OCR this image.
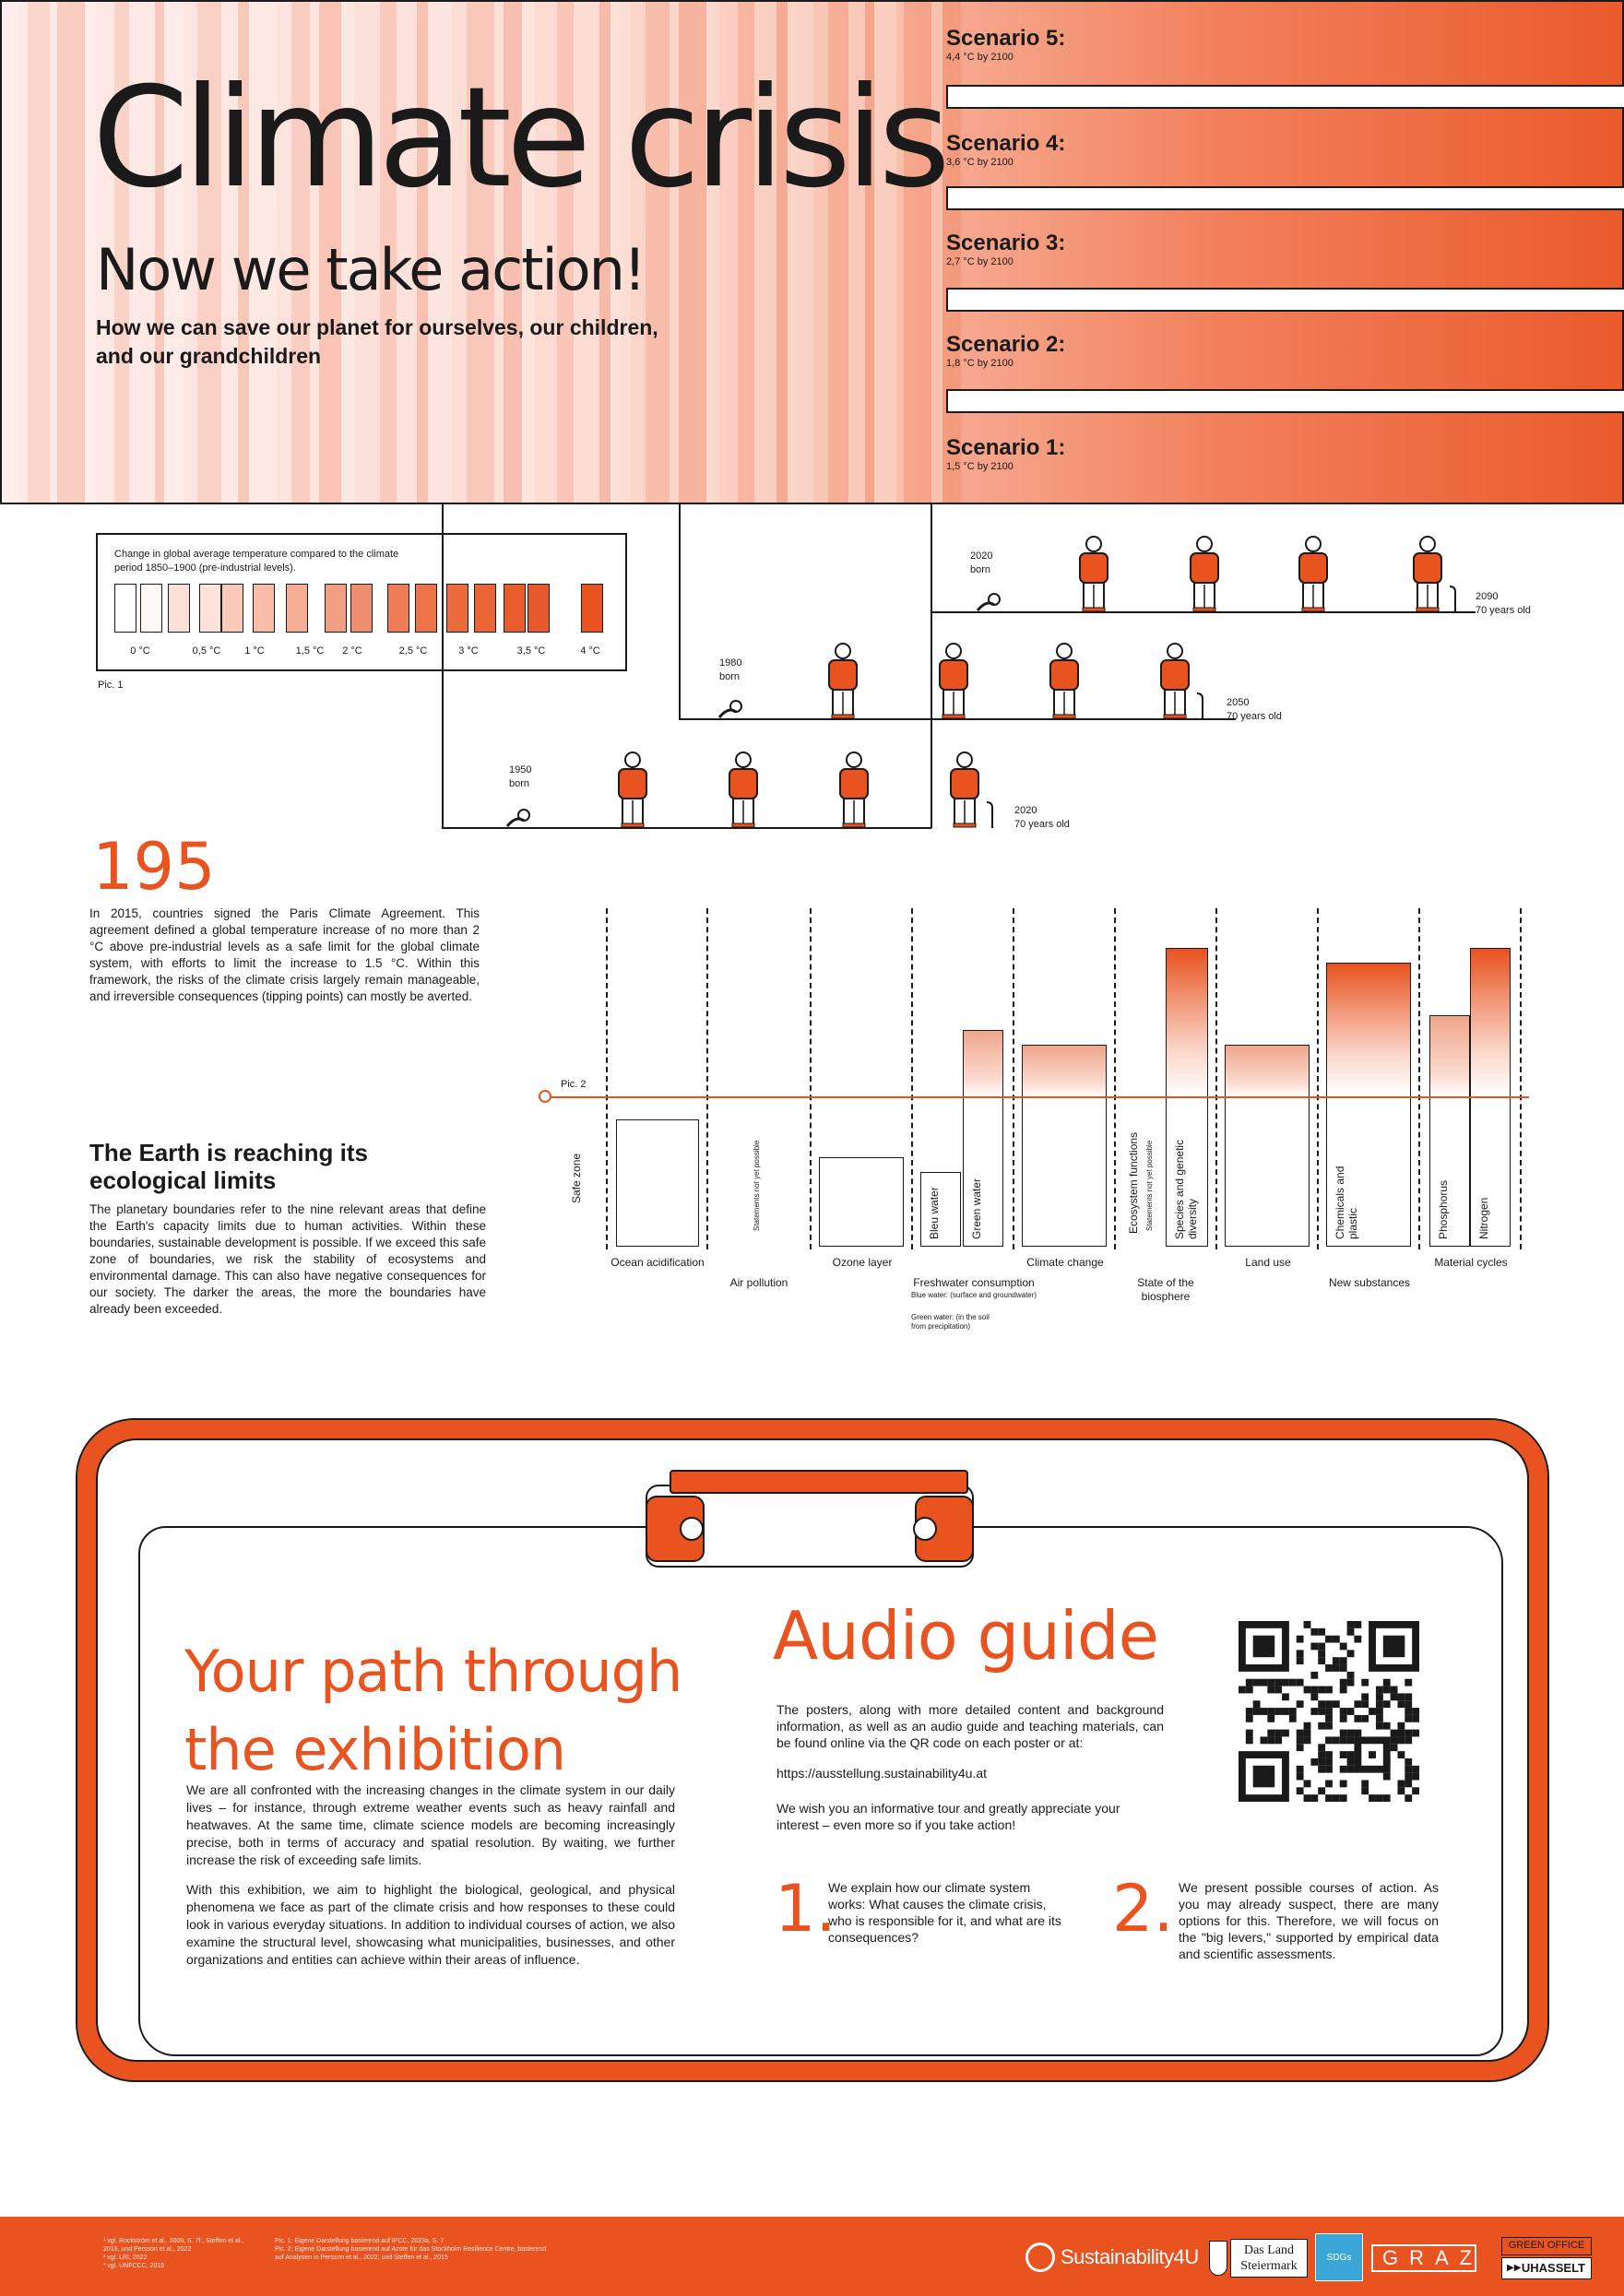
Climate crisis
Now we take action!
How we can save our planet for ourselves, our children, and our grandchildren
Scenario 5:
4,4 °C by 2100
Scenario 4:
3,6 °C by 2100
Scenario 3:
2,7 °C by 2100
Scenario 2:
1,8 °C by 2100
Scenario 1:
1,5 °C by 2100
Change in global average temperature compared to the climate period 1850–1900 (pre-industrial levels).
0 °C	0,5 °C	1 °C	1,5 °C	2 °C	2,5 °C	3 °C	3,5 °C	4 °C
Pic. 1
2020
born
1980
born
1950
born
2090
70 years old
2050
70 years old
2020
70 years old
195
In 2015, countries signed the Paris Climate Agreement. This agreement defined a global temperature increase of no more than 2 °C above pre-industrial levels as a safe limit for the global climate system, with efforts to limit the increase to 1.5 °C. Within this framework, the risks of the climate crisis largely remain manageable, and irreversible consequences (tipping points) can mostly be averted.
The Earth is reaching its ecological limits
The planetary boundaries refer to the nine relevant areas that define the Earth's capacity limits due to human activities. Within these boundaries, sustainable development is possible. If we exceed this safe zone of boundaries, we risk the stability of ecosystems and environmental damage. This can also have negative consequences for our society. The darker the areas, the more the boundaries have already been exceeded.
Bleu water	Green water	Ecosystem functions	Species and genetic diversity	Chemicals and plastic	Phosphorus	Nitrogen
Pic. 2
Safe zone	Statements not yet possible	Statements not yet possible
Ocean acidification
Air pollution
Ozone layer
Freshwater consumption
Climate change
State of the biosphere
Land use
New substances
Material cycles
Blue water: (surface and groundwater)
Green water: (in the soil from precipitation)
Your path through the exhibition
We are all confronted with the increasing changes in the climate system in our daily lives – for instance, through extreme weather events such as heavy rainfall and heatwaves. At the same time, climate science models are becoming increasingly precise, both in terms of accuracy and spatial resolution. By waiting, we further increase the risk of exceeding safe limits.
With this exhibition, we aim to highlight the biological, geological, and physical phenomena we face as part of the climate crisis and how responses to these could look in various everyday situations. In addition to individual courses of action, we also examine the structural level, showcasing what municipalities, businesses, and other organizations and entities can achieve within their areas of influence.
Audio guide
The posters, along with more detailed content and background information, as well as an audio guide and teaching materials, can be found online via the QR code on each poster or at:
https://ausstellung.sustainability4u.at
We wish you an informative tour and greatly appreciate your interest – even more so if you take action!
1.
We explain how our climate system works: What causes the climate crisis, who is responsible for it, and what are its consequences?	2. We present possible courses of action. As you may already suspect, there are many options for this. Therefore, we will focus on the "big levers," supported by empirical data and scientific assessments.
¹ vgl. Rockström et al., 2009, S. 7f., Steffen et al., 2015, und Persson et al., 2022
² vgl. LRI, 2022
³ vgl. UNFCCC, 2015
Pic. 1: Eigene Darstellung basierend auf IPCC, 2023a, S. 7
Pic. 2: Eigene Darstellung basierend auf Azote für das Stockholm Resilience Centre, basierend auf Analysen in Persson et al., 2022; und Steffen et al., 2015	Sustainability4U	Das Land Steiermark
SDGs	GRAZ
GREEN OFFICE
UHASSELT
▶▶
